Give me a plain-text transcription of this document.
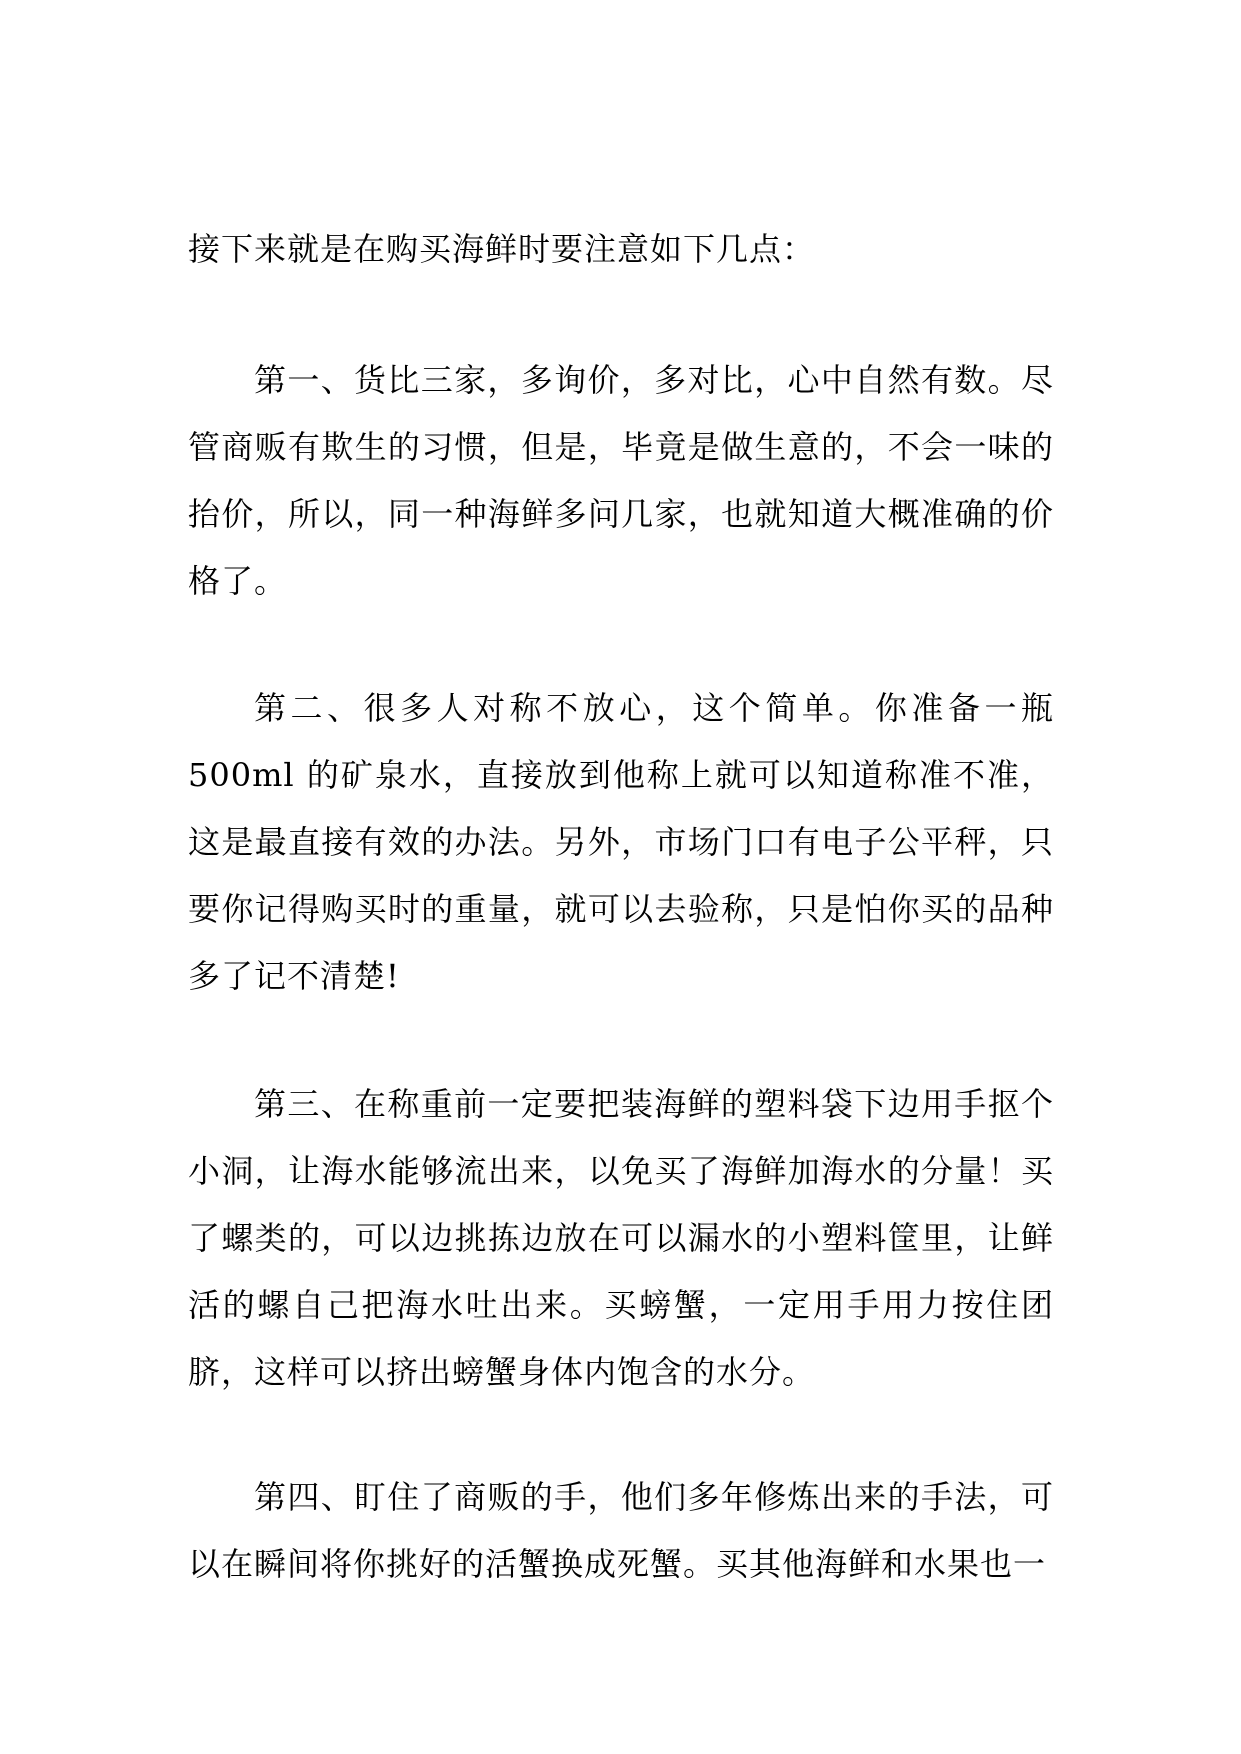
接下来就是在购买海鲜时要注意如下几点：

第一、货比三家，多询价，多对比，心中自然有数。尽管商贩有欺生的习惯，但是，毕竟是做生意的，不会一味的抬价，所以，同一种海鲜多问几家，也就知道大概准确的价格了。

第二、很多人对称不放心，这个简单。你准备一瓶 500ml 的矿泉水，直接放到他称上就可以知道称准不准，这是最直接有效的办法。另外，市场门口有电子公平秤，只要你记得购买时的重量，就可以去验称，只是怕你买的品种多了记不清楚!

第三、在称重前一定要把装海鲜的塑料袋下边用手抠个小洞，让海水能够流出来，以免买了海鲜加海水的分量！买了螺类的，可以边挑拣边放在可以漏水的小塑料筐里，让鲜活的螺自己把海水吐出来。买螃蟹，一定用手用力按住团脐，这样可以挤出螃蟹身体内饱含的水分。

第四、盯住了商贩的手，他们多年修炼出来的手法，可以在瞬间将你挑好的活蟹换成死蟹。买其他海鲜和水果也一
